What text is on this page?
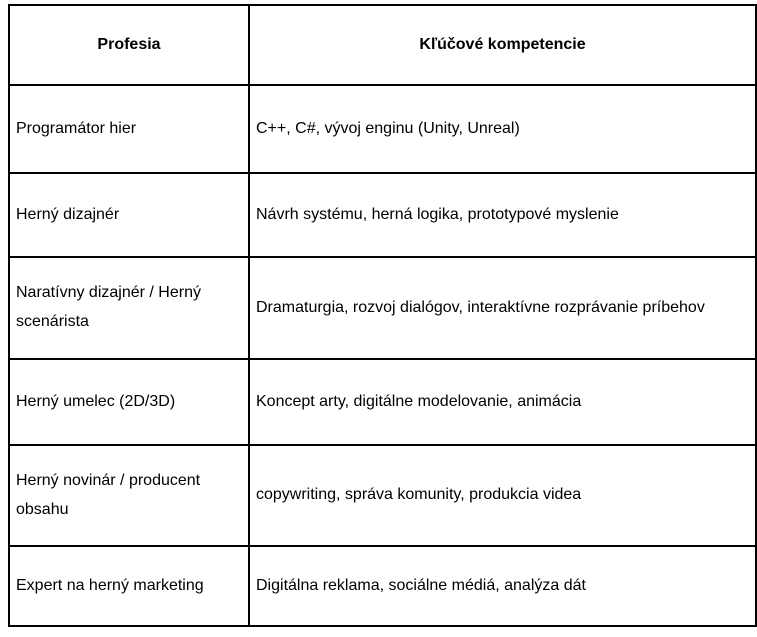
Profesia	Kľúčové kompetencie
Programátor hier	C++, C#, vývoj enginu (Unity, Unreal)
Herný dizajnér	Návrh systému, herná logika, prototypové myslenie
Naratívny dizajnér / Herný scenárista	Dramaturgia, rozvoj dialógov, interaktívne rozprávanie príbehov
Herný umelec (2D/3D)	Koncept arty, digitálne modelovanie, animácia
Herný novinár / producent obsahu	copywriting, správa komunity, produkcia videa
Expert na herný marketing	Digitálna reklama, sociálne médiá, analýza dát
